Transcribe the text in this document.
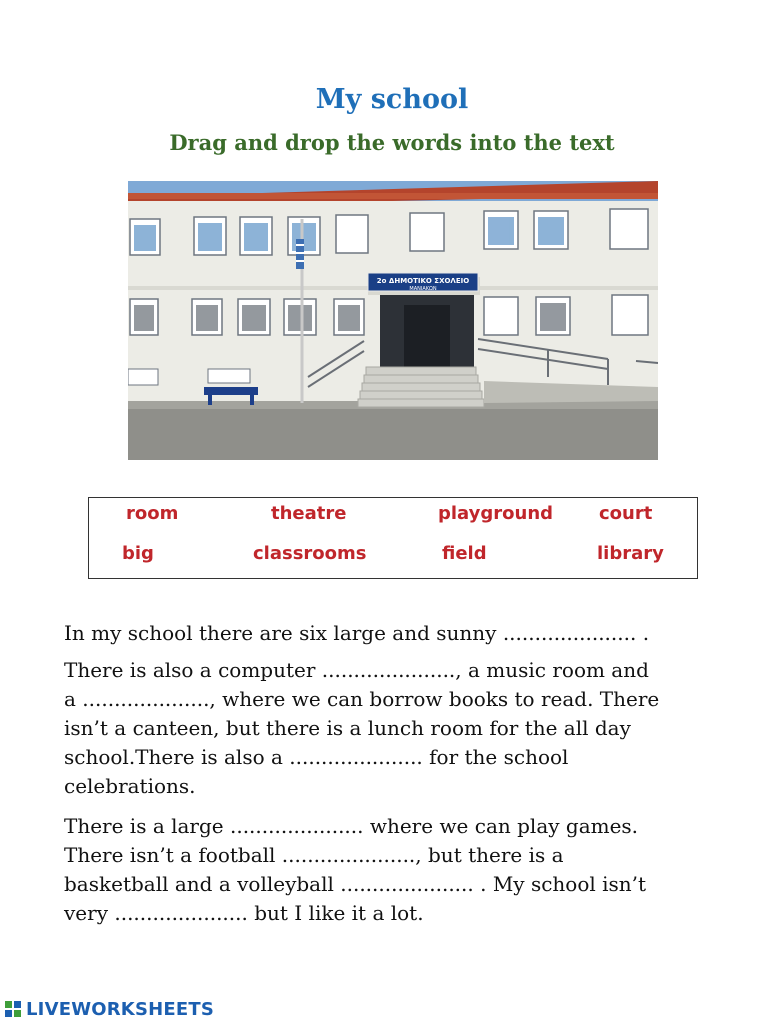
My school
Drag and drop the words into the text
2ο ΔΗΜΟΤΙΚΟ ΣΧΟΛΕΙΟ
ΜΑΝΙΑΚΩΝ
room	theatre	playground	court
big	classrooms	field	library
In my school there are six large and sunny ..................... .
There is also a computer ....................., a music room and
a ...................., where we can borrow books to read. There
isn’t a canteen, but there is a lunch room for the all day
school.There is also a ..................... for the school
celebrations.
There is a large ..................... where we can play games.
There isn’t a football ....................., but there is a
basketball and a volleyball ..................... . My school isn’t
very ..................... but I like it a lot.
LIVEWORKSHEETS
